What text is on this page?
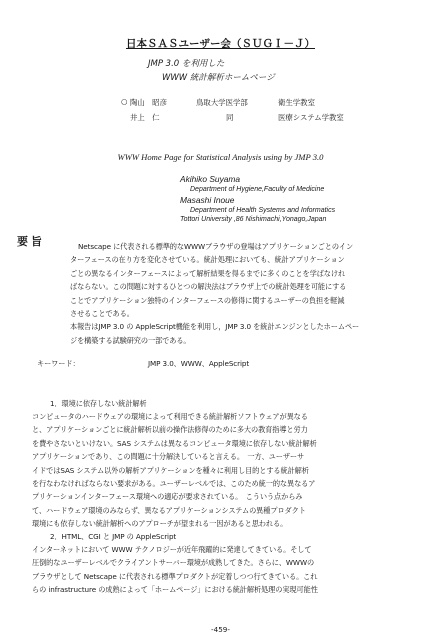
日本ＳＡＳユーザー会（ＳＵＧＩ－Ｊ）
JMP 3.0 を利用した
WWW 統計解析ホームページ
○ 陶山　昭彦	鳥取大学医学部	衛生学教室
井上　仁	同	医療システム学教室
WWW Home Page for Statistical Analysis using by JMP 3.0
Akihiko Suyama
Department of Hygiene,Faculty of Medicine
Masashi Inoue
Department of Health Systems and Informatics
Tottori University ,86 Nishimachi,Yonago,Japan
要旨	Netscape に代表される標準的なWWWブラウザの登場はアプリケーションごとのイン
ターフェースの在り方を変化させている。統計処理においても、統計アプリケーション
ごとの異なるインターフェースによって解析結果を得るまでに多くのことを学ばなけれ
ばならない。この問題に対するひとつの解決法はブラウザ上での統計処理を可能にする
ことでアプリケーション独特のインターフェースの修得に関するユーザーの負担を軽減
させることである。
本報告はJMP 3.0 の AppleScript機能を利用し，JMP 3.0 を統計エンジンとしたホームペー
ジを構築する試験研究の一部である。
キーワード：	JMP 3.0、WWW、AppleScript
1．環境に依存しない統計解析
コンピュータのハードウェアの環境によって利用できる統計解析ソフトウェアが異なる
と、アプリケーションごとに統計解析以前の操作法修得のために多大の教育指導と労力
を費やさないといけない。SAS システムは異なるコンピュータ環境に依存しない統計解析
アプリケーションであり、この問題に十分解決していると言える。　一方、ユーザーサ
イドではSAS システム以外の解析アプリケーションを種々に利用し目的とする統計解析
を行なわなければならない要求がある。ユーザーレベルでは、このため統一的な異なるア
プリケーションインターフェース環境への適応が要求されている。　こういう点からみ
て、ハードウェア環境のみならず、異なるアプリケーションシステムの異種プロダクト
環境にも依存しない統計解析へのアプローチが望まれる一因があると思われる。
2．HTML、CGI と JMP の AppleScript
インターネットにおいて WWW テクノロジーが近年飛躍的に発達してきている。そして
圧倒的なユーザーレベルでクライアントサーバー環境が成熟してきた。さらに、WWWの
ブラウザとして Netscape に代表される標準プロダクトが定着しつつ行てきている。これ
らの infrastructure の成熟によって「ホームページ」における統計解析処理の実現可能性
-459-
